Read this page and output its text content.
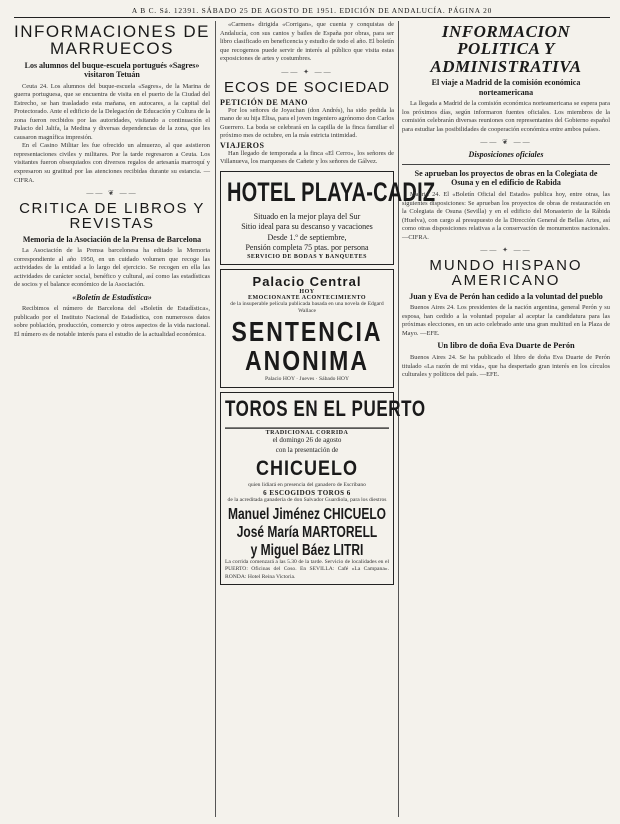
A B C. Sá. 12391. SÁBADO 25 DE AGOSTO DE 1951. EDICIÓN DE ANDALUCÍA. PÁGINA 20
INFORMACIONES DE MARRUECOS
Los alumnos del buque-escuela portugués «Sagres» visitaron Tetuán

Ceuta 24. Los alumnos del buque-escuela «Sagres», de la Marina de guerra portuguesa, que se encuentra de visita en el puerto de la Ciudad del Estrecho, se han trasladado esta mañana, en autocares, a la capital del Protectorado. Ante el edificio de la Delegación de Educación y Cultura de la zona fueron recibidos por las autoridades, visitando a continuación el Palacio del Jalifa, la Medina y diversas dependencias de la zona, que les causaron magnífica impresión.

En el Casino Militar les fue ofrecido un almuerzo, al que asistieron representaciones civiles y militares. Por la tarde regresaron a Ceuta. Los visitantes fueron obsequiados con diversos regalos de artesanía marroquí y expresaron su gratitud por las atenciones recibidas durante su estancia. —CIFRA.

—— ❦ ——
CRITICA DE LIBROS Y REVISTAS
Memoria de la Asociación de la Prensa de Barcelona

La Asociación de la Prensa barcelonesa ha editado la Memoria correspondiente al año 1950, en un cuidado volumen que recoge las actividades de la entidad a lo largo del ejercicio. Se recogen en ella las actividades de carácter social, benéfico y cultural, así como las estadísticas de socios y el balance económico de la Asociación.

«Boletín de Estadística»

Recibimos el número de Barcelona del «Boletín de Estadística», publicado por el Instituto Nacional de Estadística, con numerosos datos sobre población, producción, comercio y otros aspectos de la vida nacional. El número es de notable interés para el estudio de la actualidad económica.

«Carmen» dirigida «Corrigan», que cuenta y conquistas de Andalucía, con sus cantos y bailes de España por obras, para ser libro clasificado en beneficencia y estudio de todo el año. El boletín que recogemos puede servir de interés al público que visita estas exposiciones de artes y costumbres.

—— ✦ ——
ECOS DE SOCIEDAD
PETICIÓN DE MANO

Por los señores de Joyachan (don Andrés), ha sido pedida la mano de su hija Elisa, para el joven ingeniero agrónomo don Carlos Guerrero. La boda se celebrará en la capilla de la finca familiar el próximo mes de octubre, en la más estricta intimidad.

VIAJEROS

Han llegado de temporada a la finca «El Cerro», los señores de Villanueva, los marqueses de Cañete y los señores de Gálvez.

HOTEL PLAYA-CADIZ
Situado en la mejor playa del Sur
Sitio ideal para su descanso y vacaciones
Desde 1.º de septiembre,
Pensión completa 75 ptas. por persona
SERVICIO DE BODAS Y BANQUETES
Palacio Central
HOY
EMOCIONANTE ACONTECIMIENTO
de la insuperable película publicada basada en una novela de Edgard Wallace
SENTENCIA ANONIMA
Palacio HOY · Jueves · Sábado HOY
TOROS EN EL PUERTO
TRADICIONAL CORRIDA
el domingo 26 de agosto
con la presentación de
CHICUELO
quien lidiará en presencia del ganadero de Escribano
6 ESCOGIDOS TOROS 6
de la acreditada ganadería de don Salvador Guardiola, para los diestros
Manuel Jiménez CHICUELO
José María MARTORELL
y Miguel Báez LITRI
La corrida comenzará a las 5.30 de la tarde. Servicio de localidades en el PUERTO: Oficinas del Coso. En SEVILLA: Café «La Campana». RONDA: Hotel Reina Victoria.
INFORMACION POLITICA Y ADMINISTRATIVA
El viaje a Madrid de la comisión económica norteamericana

La llegada a Madrid de la comisión económica norteamericana se espera para los próximos días, según informaron fuentes oficiales. Los miembros de la comisión celebrarán diversas reuniones con representantes del Gobierno español para estudiar las posibilidades de cooperación económica entre ambos países.

—— ❦ ——
Disposiciones oficiales
Se aprueban los proyectos de obras en la Colegiata de Osuna y en el edificio de Rabida

Madrid 24. El «Boletín Oficial del Estado» publica hoy, entre otras, las siguientes disposiciones: Se aprueban los proyectos de obras de restauración en la Colegiata de Osuna (Sevilla) y en el edificio del Monasterio de la Rábida (Huelva), con cargo al presupuesto de la Dirección General de Bellas Artes, así como otras disposiciones relativas a la conservación de monumentos nacionales. —CIFRA.

—— ✦ ——
MUNDO HISPANO AMERICANO
Juan y Eva de Perón han cedido a la voluntad del pueblo

Buenos Aires 24. Los presidentes de la nación argentina, general Perón y su esposa, han cedido a la voluntad popular al aceptar la candidatura para las próximas elecciones, en un acto celebrado ante una gran multitud en la Plaza de Mayo. —EFE.

Un libro de doña Eva Duarte de Perón

Buenos Aires 24. Se ha publicado el libro de doña Eva Duarte de Perón titulado «La razón de mi vida», que ha despertado gran interés en los círculos culturales y políticos del país. —EFE.
